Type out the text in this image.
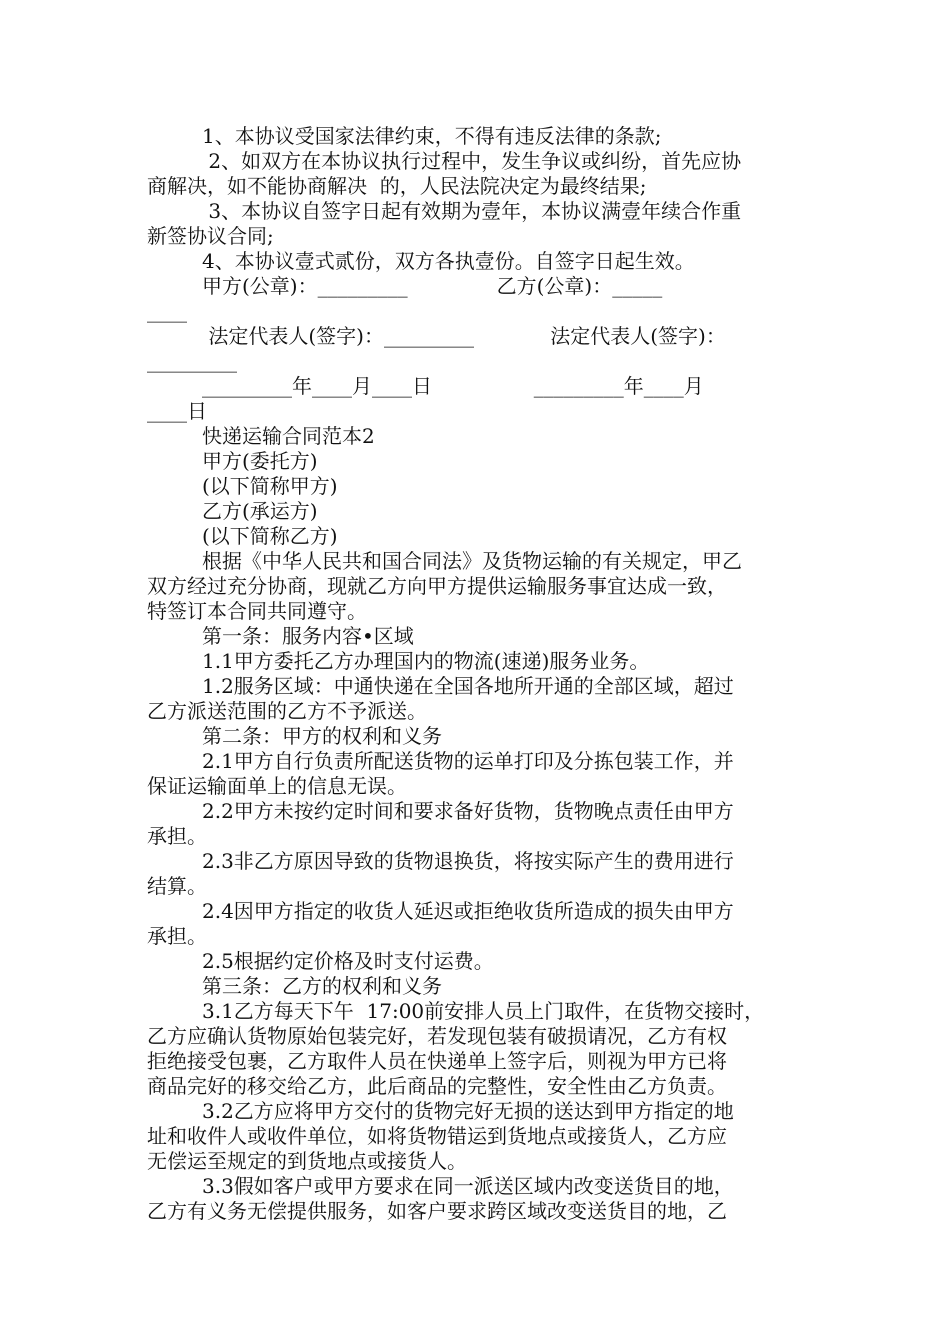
1、本协议受国家法律约束，不得有违反法律的条款;
2、如双方在本协议执行过程中，发生争议或纠纷，首先应协
商解决，如不能协商解决  的，人民法院决定为最终结果;
3、本协议自签字日起有效期为壹年，本协议满壹年续合作重
新签协议合同;
4、本协议壹式贰份，双方各执壹份。自签字日起生效。
甲方(公章)：_________              乙方(公章)：_____
____
法定代表人(签字)：_________            法定代表人(签字)：
_________
_________年____月____日                _________年____月
____日
快递运输合同范本2
甲方(委托方)
(以下简称甲方)
乙方(承运方)
(以下简称乙方)
根据《中华人民共和国合同法》及货物运输的有关规定，甲乙
双方经过充分协商，现就乙方向甲方提供运输服务事宜达成一致，
特签订本合同共同遵守。
第一条：服务内容•区域
1.1甲方委托乙方办理国内的物流(速递)服务业务。
1.2服务区域：中通快递在全国各地所开通的全部区域，超过
乙方派送范围的乙方不予派送。
第二条：甲方的权利和义务
2.1甲方自行负责所配送货物的运单打印及分拣包装工作，并
保证运输面单上的信息无误。
2.2甲方未按约定时间和要求备好货物，货物晚点责任由甲方
承担。
2.3非乙方原因导致的货物退换货，将按实际产生的费用进行
结算。
2.4因甲方指定的收货人延迟或拒绝收货所造成的损失由甲方
承担。
2.5根据约定价格及时支付运费。
第三条：乙方的权利和义务
3.1乙方每天下午  17:00前安排人员上门取件，在货物交接时，
乙方应确认货物原始包装完好，若发现包装有破损请况，乙方有权
拒绝接受包裹，乙方取件人员在快递单上签字后，则视为甲方已将
商品完好的移交给乙方，此后商品的完整性，安全性由乙方负责。
3.2乙方应将甲方交付的货物完好无损的送达到甲方指定的地
址和收件人或收件单位，如将货物错运到货地点或接货人，乙方应
无偿运至规定的到货地点或接货人。
3.3假如客户或甲方要求在同一派送区域内改变送货目的地，
乙方有义务无偿提供服务，如客户要求跨区域改变送货目的地，乙
